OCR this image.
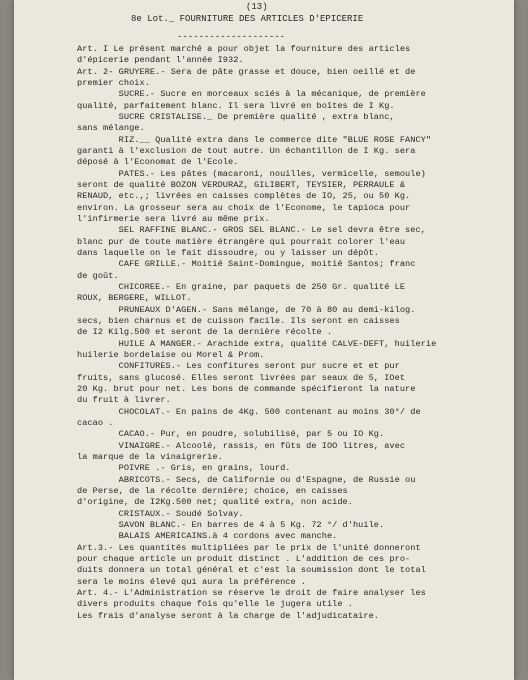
(13)
8e Lot._ FOURNITURE DES ARTICLES D'EPICERIE
--------------------
Art. I Le présent marché a pour objet la fourniture des articles
d'épicerie pendant l'année I932.
Art. 2- GRUYERE.- Sera de pâte grasse et douce, bien oeillé et de
premier choix.
SUCRE.- Sucre en morceaux sciés à la mécanique, de première
qualité, parfaitement blanc. Il sera livré en boîtes de I Kg.
SUCRE CRISTALISE._ De première qualité , extra blanc,
sans mélange.
RIZ.__ Qualité extra dans le commerce dite "BLUE ROSE FANCY"
garanti à l'exclusion de tout autre. Un échantillon de I Kg. sera
déposé à l'Economat de l'Ecole.
PATES.- Les pâtes (macaroni, nouilles, vermicelle, semoule)
seront de qualité BOZON VERDURAZ, GILIBERT, TEYSIER, PERRAULE &
RENAUD, etc.,; livrées en caisses complètes de IO, 25, ou 50 Kg.
environ. La grosseur sera au choix de l'Econome, le tapioca pour
l'infirmerie sera livré au même prix.
SEL RAFFINE BLANC.- GROS SEL BLANC.- Le sel devra être sec,
blanc pur de toute matière étrangère qui pourrait colorer l'eau
dans laquelle on le fait dissoudre, ou y laisser un dépôt.
CAFE GRILLE.- Moitié Saint-Domingue, moitié Santos; franc
de goût.
CHICOREE.- En graine, par paquets de 250 Gr. qualité LE
ROUX, BERGERE, WILLOT.
PRUNEAUX D'AGEN.- Sans mélange, de 70 à 80 au demi-kilog.
secs, bien charnus et de cuisson facile. Ils seront en caisses
de I2 Kilg.500 et seront de la dernière récolte .
HUILE A MANGER.- Arachide extra, qualité CALVE-DEFT, huilerie
huilerie bordelaise ou Morel & Prom.
CONFITURES.- Les confitures seront pur sucre et et pur
fruits, sans glucosé. Elles seront livrées par seaux de 5, IOet
20 Kg. brut pour net. Les bons de commande spécifieront la nature
du fruit à livrer.
CHOCOLAT.- En pains de 4Kg. 500 contenant au moins 30°/ de
cacao .
CACAO.- Pur, en poudre, solubilisé, par 5 ou IO Kg.
VINAIGRE.- Alcoolé, rassis, en fûts de IOO litres, avec
la marque de la vinaigrerie.
POIVRE .- Gris, en grains, lourd.
ABRICOTS.- Secs, de Californie ou d'Espagne, de Russie ou
de Perse, de la récolte dernière; choice, en caisses
d'origine, de I2Kg.500 net; qualité extra, non acide.
CRISTAUX.- Soudé Solvay.
SAVON BLANC.- En barres de 4 à 5 Kg. 72 °/ d'huile.
BALAIS AMERICAINS.à 4 cordons avec manche.
Art.3.- Les quantités multipliées par le prix de l'unité donneront
pour chaque article un produit distinct . L'addition de ces pro-
duits donnera un total général et c'est la soumission dont le total
sera le moins élevé qui aura la préférence .
Art. 4.- L'Administration se réserve le droit de faire analyser les
divers produits chaque fois qu'elle le jugera utile .
Les frais d'analyse seront à la charge de l'adjudicataire.
